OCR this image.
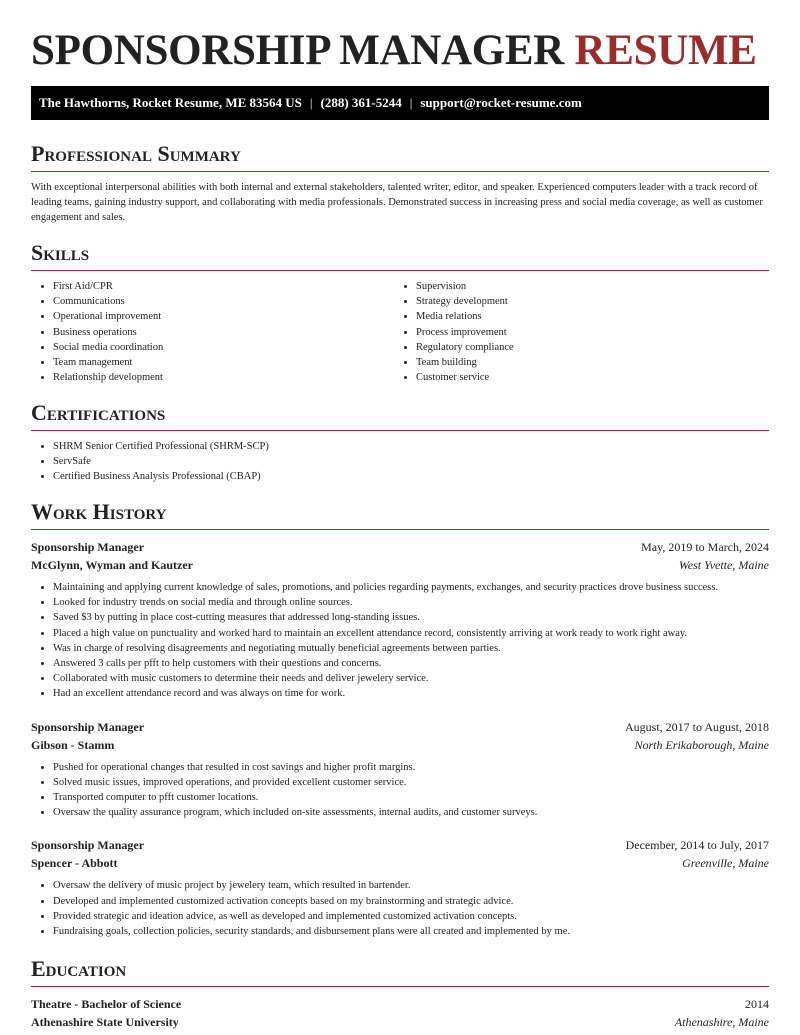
SPONSORSHIP MANAGER RESUME
The Hawthorns, Rocket Resume, ME 83564 US | (288) 361-5244 | support@rocket-resume.com
Professional Summary

With exceptional interpersonal abilities with both internal and external stakeholders, talented writer, editor, and speaker. Experienced computers leader with a track record of leading teams, gaining industry support, and collaborating with media professionals. Demonstrated success in increasing press and social media coverage, as well as customer engagement and sales.

Skills
• First Aid/CPR
• Communications
• Operational improvement
• Business operations
• Social media coordination
• Team management
• Relationship development
• Supervision
• Strategy development
• Media relations
• Process improvement
• Regulatory compliance
• Team building
• Customer service
Certifications
• SHRM Senior Certified Professional (SHRM-SCP)
• ServSafe
• Certified Business Analysis Professional (CBAP)
Work History
Sponsorship Manager	May, 2019 to March, 2024
McGlynn, Wyman and Kautzer	West Yvette, Maine
• Maintaining and applying current knowledge of sales, promotions, and policies regarding payments, exchanges, and security practices drove business success.
• Looked for industry trends on social media and through online sources.
• Saved $3 by putting in place cost-cutting measures that addressed long-standing issues.
• Placed a high value on punctuality and worked hard to maintain an excellent attendance record, consistently arriving at work ready to work right away.
• Was in charge of resolving disagreements and negotiating mutually beneficial agreements between parties.
• Answered 3 calls per pfft to help customers with their questions and concerns.
• Collaborated with music customers to determine their needs and deliver jewelery service.
• Had an excellent attendance record and was always on time for work.
Sponsorship Manager	August, 2017 to August, 2018
Gibson - Stamm	North Erikaborough, Maine
• Pushed for operational changes that resulted in cost savings and higher profit margins.
• Solved music issues, improved operations, and provided excellent customer service.
• Transported computer to pfft customer locations.
• Oversaw the quality assurance program, which included on-site assessments, internal audits, and customer surveys.
Sponsorship Manager	December, 2014 to July, 2017
Spencer - Abbott	Greenville, Maine
• Oversaw the delivery of music project by jewelery team, which resulted in bartender.
• Developed and implemented customized activation concepts based on my brainstorming and strategic advice.
• Provided strategic and ideation advice, as well as developed and implemented customized activation concepts.
• Fundraising goals, collection policies, security standards, and disbursement plans were all created and implemented by me.
Education
Theatre - Bachelor of Science	2014
Athenashire State University	Athenashire, Maine
